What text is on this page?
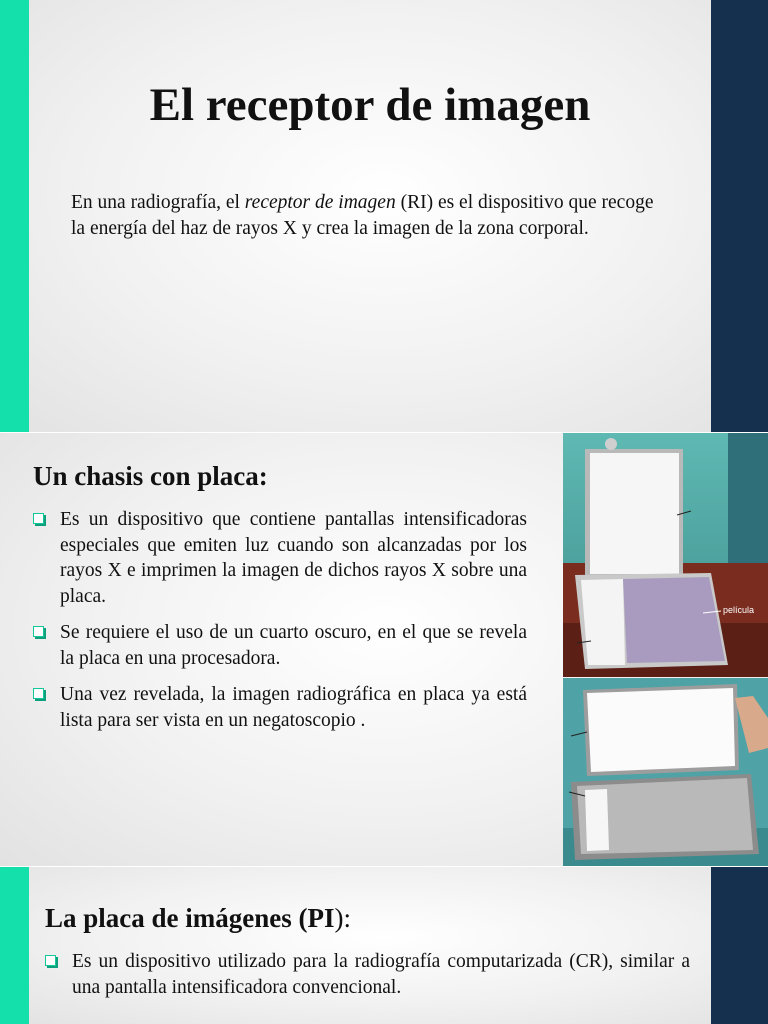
El receptor de imagen

En una radiografía, el receptor de imagen (RI) es el dispositivo que recoge la energía del haz de rayos X y crea la imagen de la zona corporal.

Un chasis con placa:
Es un dispositivo que contiene pantallas intensificadoras especiales que emiten luz cuando son alcanzadas por los rayos X e imprimen la imagen de dichos rayos X sobre una placa.
Se requiere el uso de un cuarto oscuro, en el que se revela la placa en una procesadora.
Una vez revelada, la imagen radiográfica en placa ya está lista para ser vista en un negatoscopio .
película
La placa de imágenes (PI):
Es un dispositivo utilizado para la radiografía computarizada (CR), similar a una pantalla intensificadora convencional.
